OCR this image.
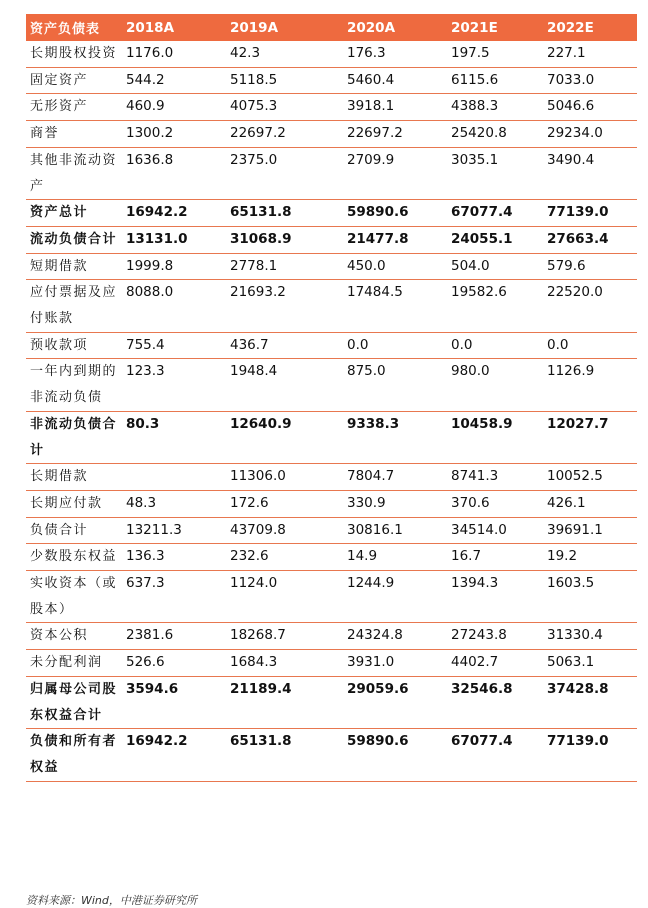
资产负债表	2018A	2019A	2020A	2021E	2022E
长期股权投资	1176.0	42.3	176.3	197.5	227.1
固定资产	544.2	5118.5	5460.4	6115.6	7033.0
无形资产	460.9	4075.3	3918.1	4388.3	5046.6
商誉	1300.2	22697.2	22697.2	25420.8	29234.0
其他非流动资产	1636.8	2375.0	2709.9	3035.1	3490.4
资产总计	16942.2	65131.8	59890.6	67077.4	77139.0
流动负债合计	13131.0	31068.9	21477.8	24055.1	27663.4
短期借款	1999.8	2778.1	450.0	504.0	579.6
应付票据及应付账款	8088.0	21693.2	17484.5	19582.6	22520.0
预收款项	755.4	436.7	0.0	0.0	0.0
一年内到期的非流动负债	123.3	1948.4	875.0	980.0	1126.9
非流动负债合计	80.3	12640.9	9338.3	10458.9	12027.7
长期借款		11306.0	7804.7	8741.3	10052.5
长期应付款	48.3	172.6	330.9	370.6	426.1
负债合计	13211.3	43709.8	30816.1	34514.0	39691.1
少数股东权益	136.3	232.6	14.9	16.7	19.2
实收资本（或股本）	637.3	1124.0	1244.9	1394.3	1603.5
资本公积	2381.6	18268.7	24324.8	27243.8	31330.4
未分配利润	526.6	1684.3	3931.0	4402.7	5063.1
归属母公司股东权益合计	3594.6	21189.4	29059.6	32546.8	37428.8
负债和所有者权益	16942.2	65131.8	59890.6	67077.4	77139.0
资料来源：Wind，中港证券研究所
